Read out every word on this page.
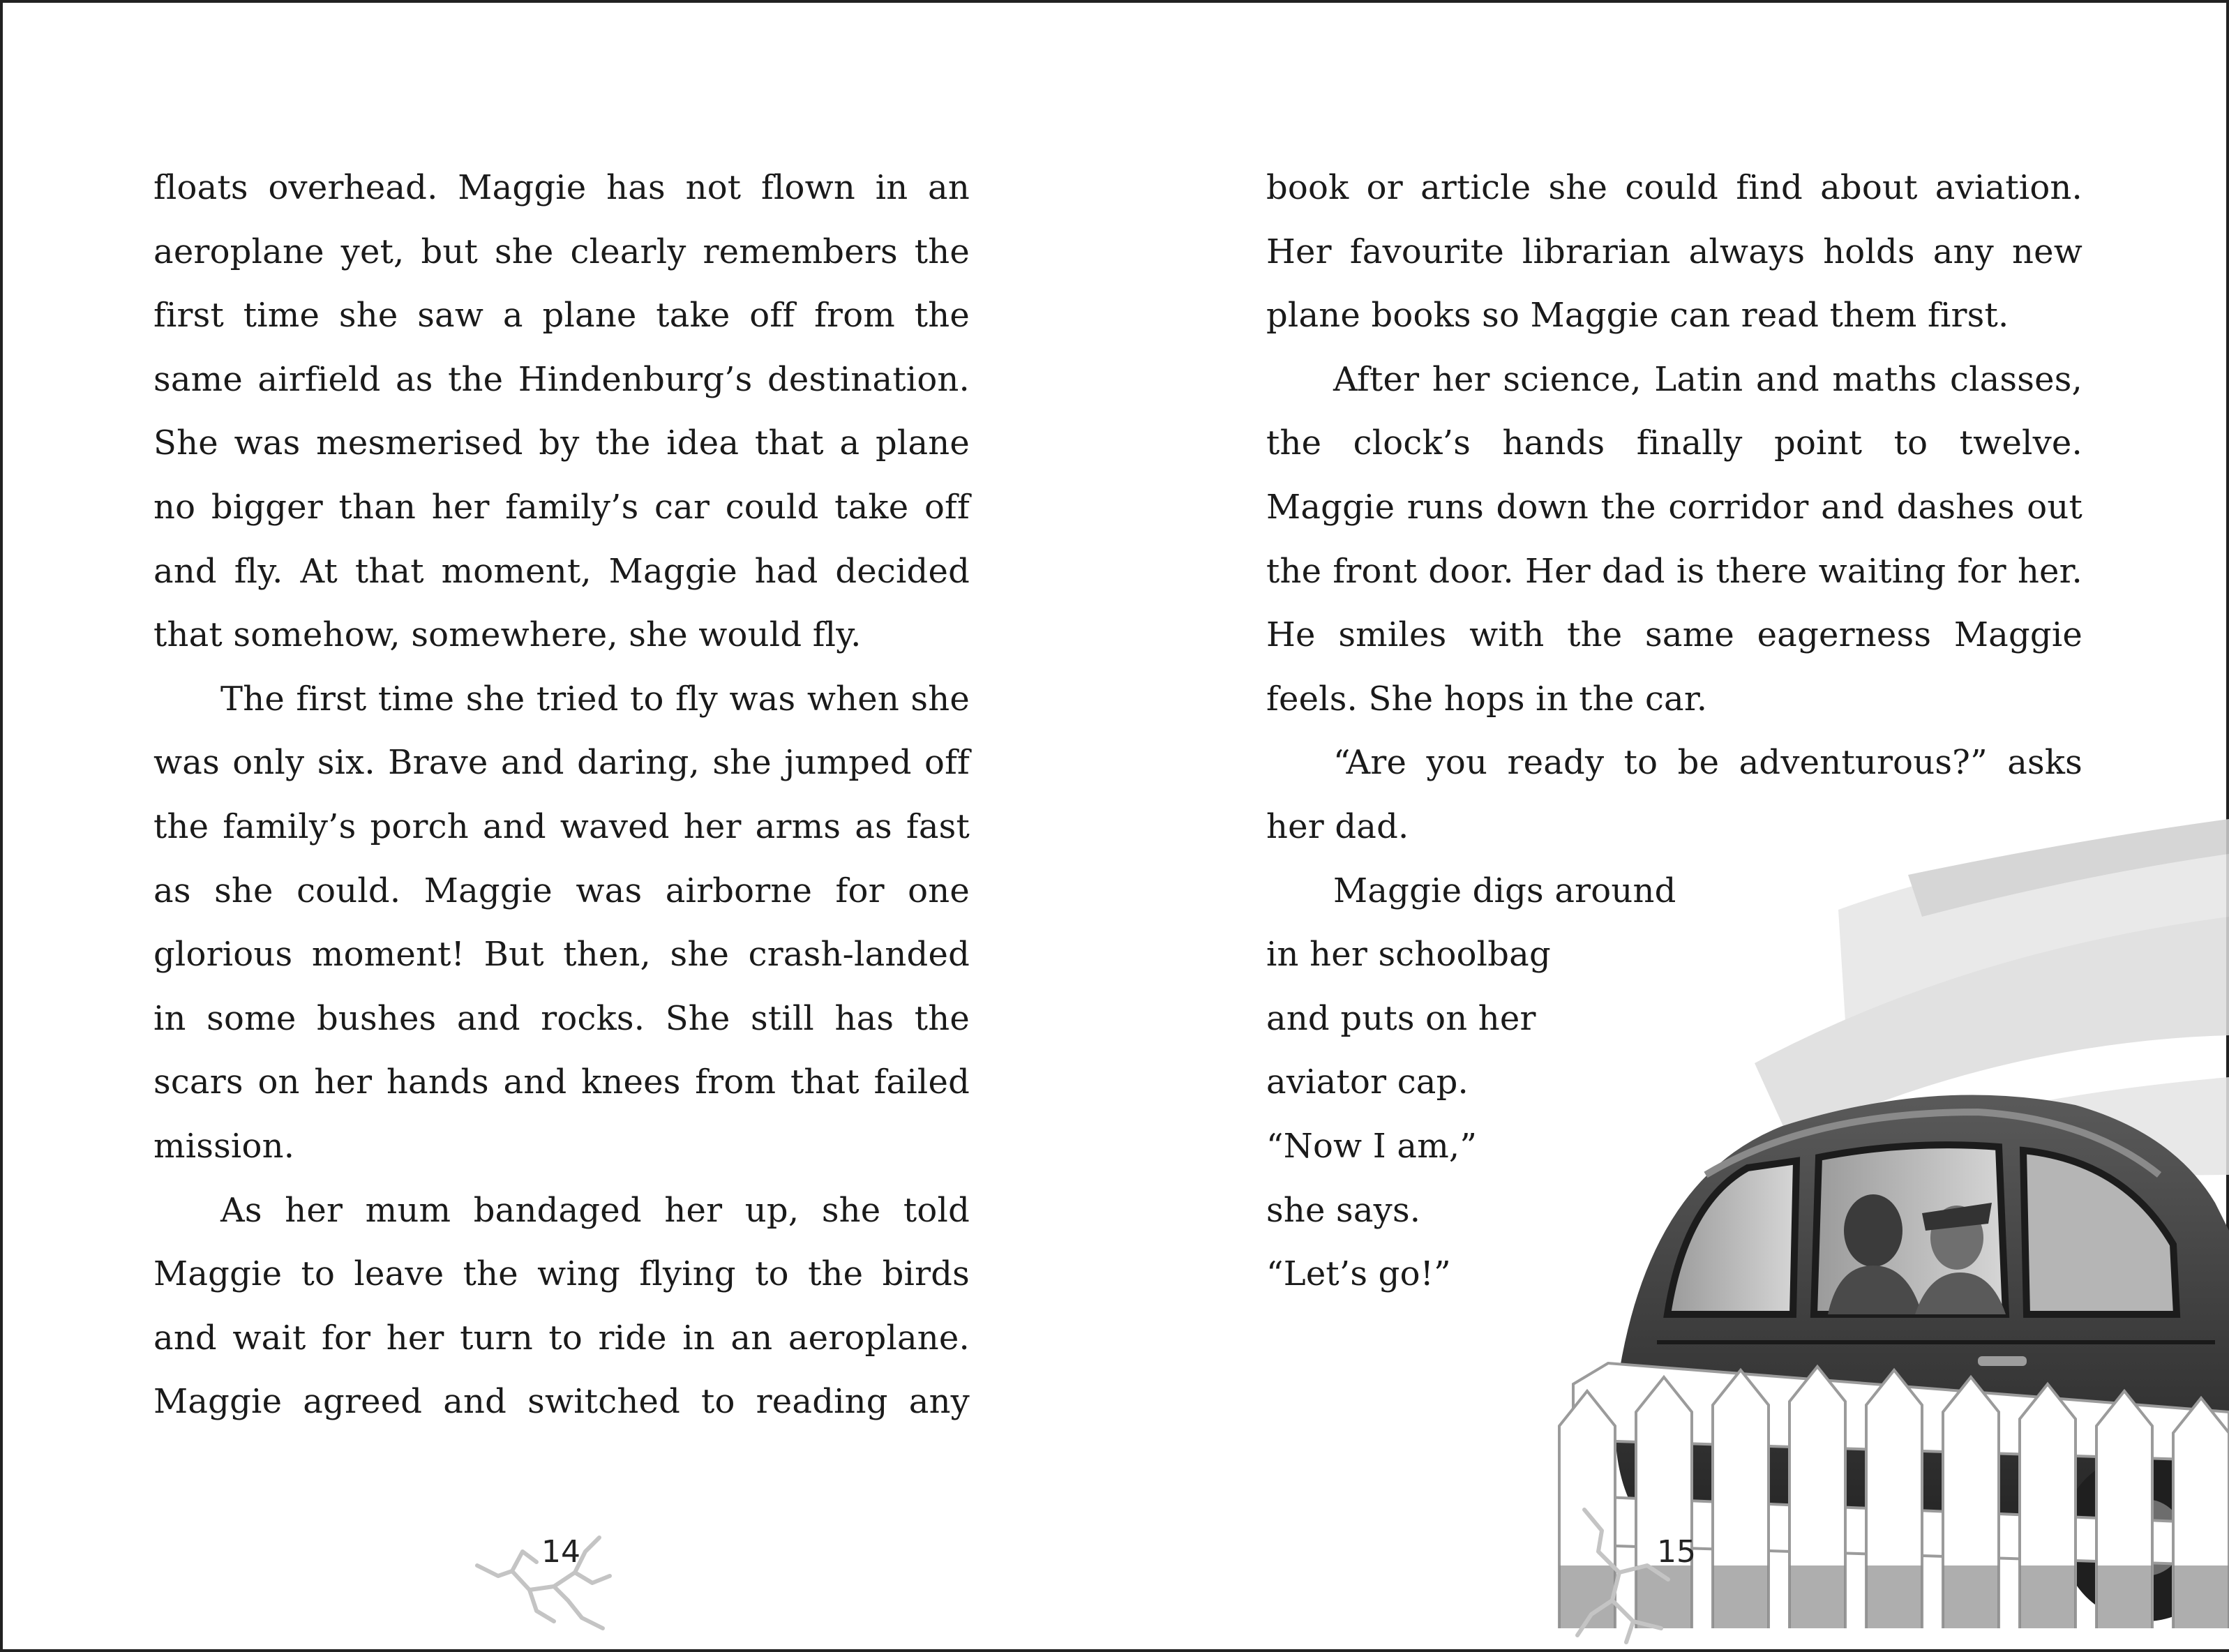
floats overhead. Maggie has not flown in an aeroplane yet, but she clearly remembers the first time she saw a plane take off from the same airfield as the Hindenburg’s destination. She was mesmerised by the idea that a plane no bigger than her family’s car could take off and fly. At that moment, Maggie had decided that somehow, somewhere, she would fly.

The first time she tried to fly was when she was only six. Brave and daring, she jumped off the family’s porch and waved her arms as fast as she could. Maggie was airborne for one glorious moment! But then, she crash-landed in some bushes and rocks. She still has the scars on her hands and knees from that failed mission.

As her mum bandaged her up, she told Maggie to leave the wing flying to the birds and wait for her turn to ride in an aeroplane. Maggie agreed and switched to reading any

14

book or article she could find about aviation. Her favourite librarian always holds any new plane books so Maggie can read them first.

After her science, Latin and maths classes, the clock’s hands finally point to twelve. Maggie runs down the corridor and dashes out the front door. Her dad is there waiting for her. He smiles with the same eagerness Maggie feels. She hops in the car.

“Are you ready to be adventurous?” asks her dad.

Maggie digs around
in her schoolbag
and puts on her
aviator cap.
“Now I am,”
she says.
“Let’s go!”
15
